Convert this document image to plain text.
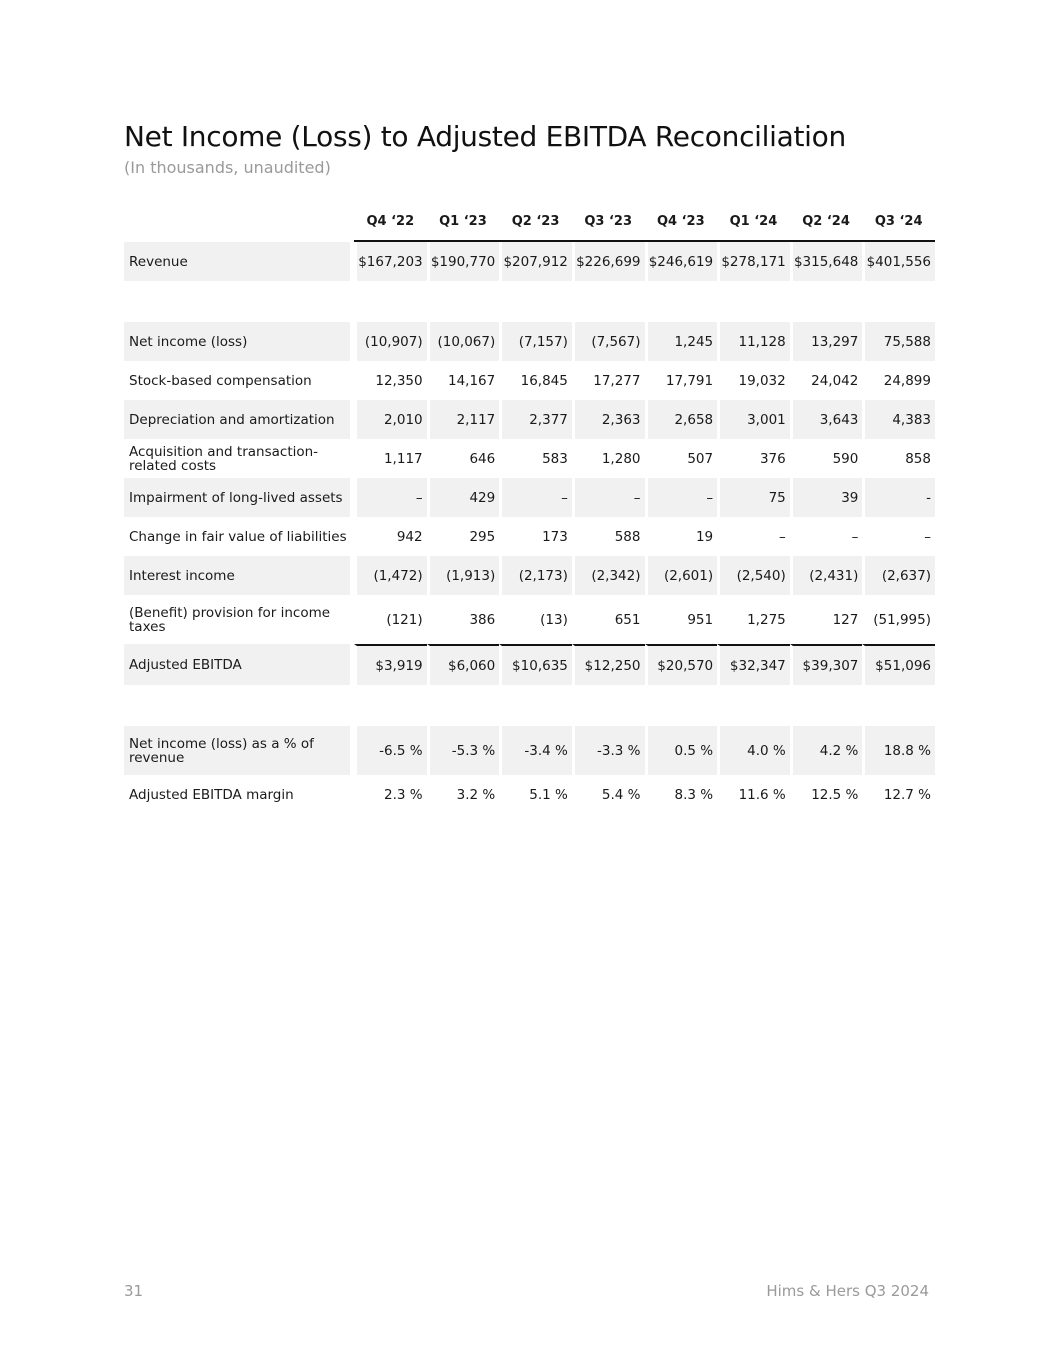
Net Income (Loss) to Adjusted EBITDA Reconciliation

(In thousands, unaudited)

	Q4 ‘22	Q1 ‘23	Q2 ‘23	Q3 ‘23	Q4 ‘23	Q1 ‘24	Q2 ‘24	Q3 ‘24
Revenue	$167,203	$190,770	$207,912	$226,699	$246,619	$278,171	$315,648	$401,556

Net income (loss)	(10,907)	(10,067)	(7,157)	(7,567)	1,245	11,128	13,297	75,588
Stock-based compensation	12,350	14,167	16,845	17,277	17,791	19,032	24,042	24,899
Depreciation and amortization	2,010	2,117	2,377	2,363	2,658	3,001	3,643	4,383
Acquisition and transaction-related costs	1,117	646	583	1,280	507	376	590	858
Impairment of long-lived assets	–	429	–	–	–	75	39	-
Change in fair value of liabilities	942	295	173	588	19	–	–	–
Interest income	(1,472)	(1,913)	(2,173)	(2,342)	(2,601)	(2,540)	(2,431)	(2,637)
(Benefit) provision for income taxes	(121)	386	(13)	651	951	1,275	127	(51,995)
Adjusted EBITDA	$3,919	$6,060	$10,635	$12,250	$20,570	$32,347	$39,307	$51,096

Net income (loss) as a % of revenue	-6.5 %	-5.3 %	-3.4 %	-3.3 %	0.5 %	4.0 %	4.2 %	18.8 %
Adjusted EBITDA margin	2.3 %	3.2 %	5.1 %	5.4 %	8.3 %	11.6 %	12.5 %	12.7 %
31	Hims & Hers Q3 2024
